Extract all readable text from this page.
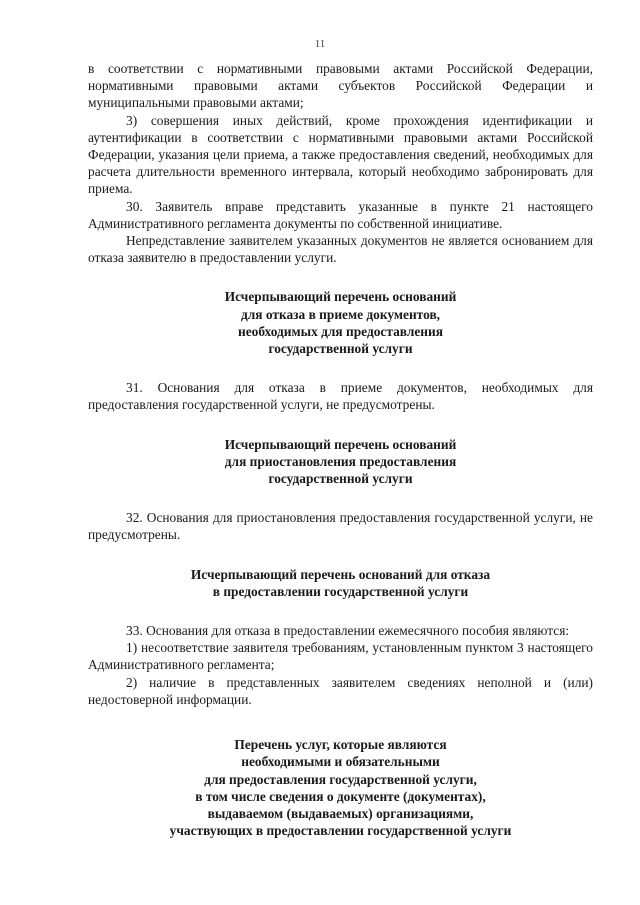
11

в соответствии с нормативными правовыми актами Российской Федерации, нормативными правовыми актами субъектов Российской Федерации и муниципальными правовыми актами;

3) совершения иных действий, кроме прохождения идентификации и аутентификации в соответствии с нормативными правовыми актами Российской Федерации, указания цели приема, а также предоставления сведений, необходимых для расчета длительности временного интервала, который необходимо забронировать для приема.

30. Заявитель вправе представить указанные в пункте 21 настоящего Административного регламента документы по собственной инициативе.

Непредставление заявителем указанных документов не является основанием для отказа заявителю в предоставлении услуги.

Исчерпывающий перечень оснований

для отказа в приеме документов,

необходимых для предоставления

государственной услуги

31. Основания для отказа в приеме документов, необходимых для предоставления государственной услуги, не предусмотрены.

Исчерпывающий перечень оснований

для приостановления предоставления

государственной услуги

32. Основания для приостановления предоставления государственной услуги, не предусмотрены.

Исчерпывающий перечень оснований для отказа

в предоставлении государственной услуги

33. Основания для отказа в предоставлении ежемесячного пособия являются:

1) несоответствие заявителя требованиям, установленным пунктом 3 настоящего Административного регламента;

2) наличие в представленных заявителем сведениях неполной и (или) недостоверной информации.

Перечень услуг, которые являются

необходимыми и обязательными

для предоставления государственной услуги,

в том числе сведения о документе (документах),

выдаваемом (выдаваемых) организациями,

участвующих в предоставлении государственной услуги
